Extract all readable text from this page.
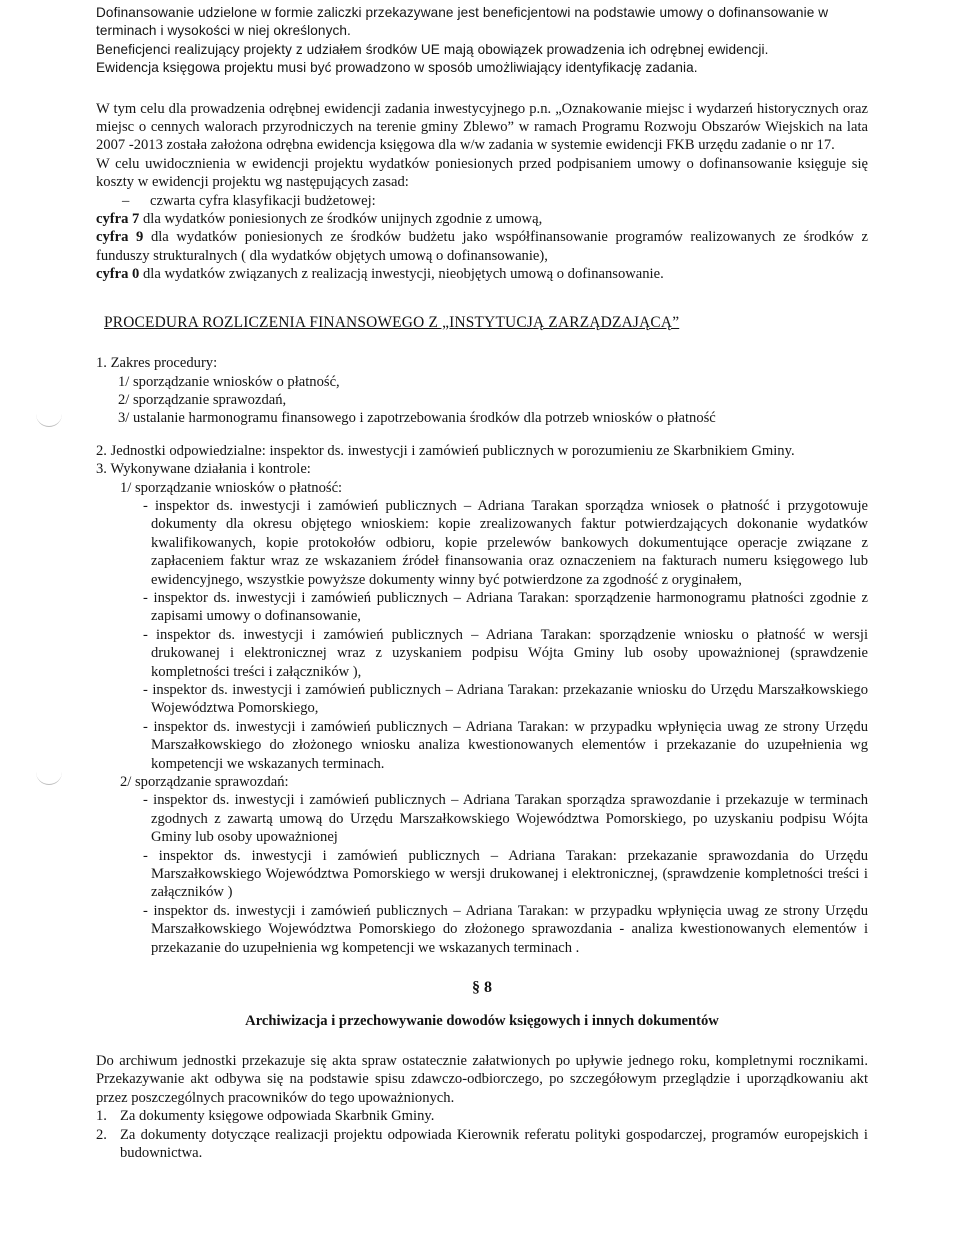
Dofinansowanie udzielone w formie zaliczki przekazywane jest beneficjentowi na podstawie umowy o dofinansowanie w terminach i wysokości w niej określonych.

Beneficjenci realizujący projekty z udziałem środków UE mają obowiązek prowadzenia ich odrębnej ewidencji.

Ewidencja księgowa projektu musi być prowadzono w sposób umożliwiający identyfikację zadania.

W tym celu dla prowadzenia odrębnej ewidencji zadania inwestycyjnego p.n. „Oznakowanie miejsc i wydarzeń historycznych oraz miejsc o cennych walorach przyrodniczych na terenie gminy Zblewo” w ramach Programu Rozwoju Obszarów Wiejskich na lata 2007 -2013 została założona odrębna ewidencja księgowa dla w/w zadania w systemie ewidencji FKB urzędu zadanie o nr 17.

W celu uwidocznienia w ewidencji projektu wydatków poniesionych przed podpisaniem umowy o dofinansowanie księguje się koszty w ewidencji projektu wg następujących zasad:

– czwarta cyfra klasyfikacji budżetowej:

cyfra 7 dla wydatków poniesionych ze środków unijnych zgodnie z umową,

cyfra 9 dla wydatków poniesionych ze środków budżetu jako współfinansowanie programów realizowanych ze środków z funduszy strukturalnych ( dla wydatków objętych umową o dofinansowanie),

cyfra 0 dla wydatków związanych z realizacją inwestycji, nieobjętych umową o dofinansowanie.

PROCEDURA ROZLICZENIA FINANSOWEGO Z „INSTYTUCJĄ ZARZĄDZAJĄCĄ”

1. Zakres procedury:

1/ sporządzanie wniosków o płatność,

2/ sporządzanie sprawozdań,

3/ ustalanie harmonogramu finansowego i zapotrzebowania środków dla potrzeb wniosków o płatność

2. Jednostki odpowiedzialne: inspektor ds. inwestycji i zamówień publicznych w porozumieniu ze Skarbnikiem Gminy.

3. Wykonywane działania i kontrole:

1/ sporządzanie wniosków o płatność:

- inspektor ds. inwestycji i zamówień publicznych – Adriana Tarakan sporządza wniosek o płatność i przygotowuje dokumenty dla okresu objętego wnioskiem: kopie zrealizowanych faktur potwierdzających dokonanie wydatków kwalifikowanych, kopie protokołów odbioru, kopie przelewów bankowych dokumentujące operacje związane z zapłaceniem faktur wraz ze wskazaniem źródeł finansowania oraz oznaczeniem na fakturach numeru księgowego lub ewidencyjnego, wszystkie powyższe dokumenty winny być potwierdzone za zgodność z oryginałem,

- inspektor ds. inwestycji i zamówień publicznych – Adriana Tarakan: sporządzenie harmonogramu płatności zgodnie z zapisami umowy o dofinansowanie,

- inspektor ds. inwestycji i zamówień publicznych – Adriana Tarakan: sporządzenie wniosku o płatność w wersji drukowanej i elektronicznej wraz z uzyskaniem podpisu Wójta Gminy lub osoby upoważnionej (sprawdzenie kompletności treści i załączników ),

- inspektor ds. inwestycji i zamówień publicznych – Adriana Tarakan: przekazanie wniosku do Urzędu Marszałkowskiego Województwa Pomorskiego,

- inspektor ds. inwestycji i zamówień publicznych – Adriana Tarakan: w przypadku wpłynięcia uwag ze strony Urzędu Marszałkowskiego do złożonego wniosku analiza kwestionowanych elementów i przekazanie do uzupełnienia wg kompetencji we wskazanych terminach.

2/ sporządzanie sprawozdań:

- inspektor ds. inwestycji i zamówień publicznych – Adriana Tarakan sporządza sprawozdanie i przekazuje w terminach zgodnych z zawartą umową do Urzędu Marszałkowskiego Województwa Pomorskiego, po uzyskaniu podpisu Wójta Gminy lub osoby upoważnionej

- inspektor ds. inwestycji i zamówień publicznych – Adriana Tarakan: przekazanie sprawozdania do Urzędu Marszałkowskiego Województwa Pomorskiego w wersji drukowanej i elektronicznej, (sprawdzenie kompletności treści i załączników )

- inspektor ds. inwestycji i zamówień publicznych – Adriana Tarakan: w przypadku wpłynięcia uwag ze strony Urzędu Marszałkowskiego Województwa Pomorskiego do złożonego sprawozdania - analiza kwestionowanych elementów i przekazanie do uzupełnienia wg kompetencji we wskazanych terminach .

§ 8

Archiwizacja i przechowywanie dowodów księgowych i innych dokumentów

Do archiwum jednostki przekazuje się akta spraw ostatecznie załatwionych po upływie jednego roku, kompletnymi rocznikami. Przekazywanie akt odbywa się na podstawie spisu zdawczo-odbiorczego, po szczegółowym przeglądzie i uporządkowaniu akt przez poszczególnych pracowników do tego upoważnionych.

1. Za dokumenty księgowe odpowiada Skarbnik Gminy.
2. Za dokumenty dotyczące realizacji projektu odpowiada Kierownik referatu polityki gospodarczej, programów europejskich i budownictwa.
